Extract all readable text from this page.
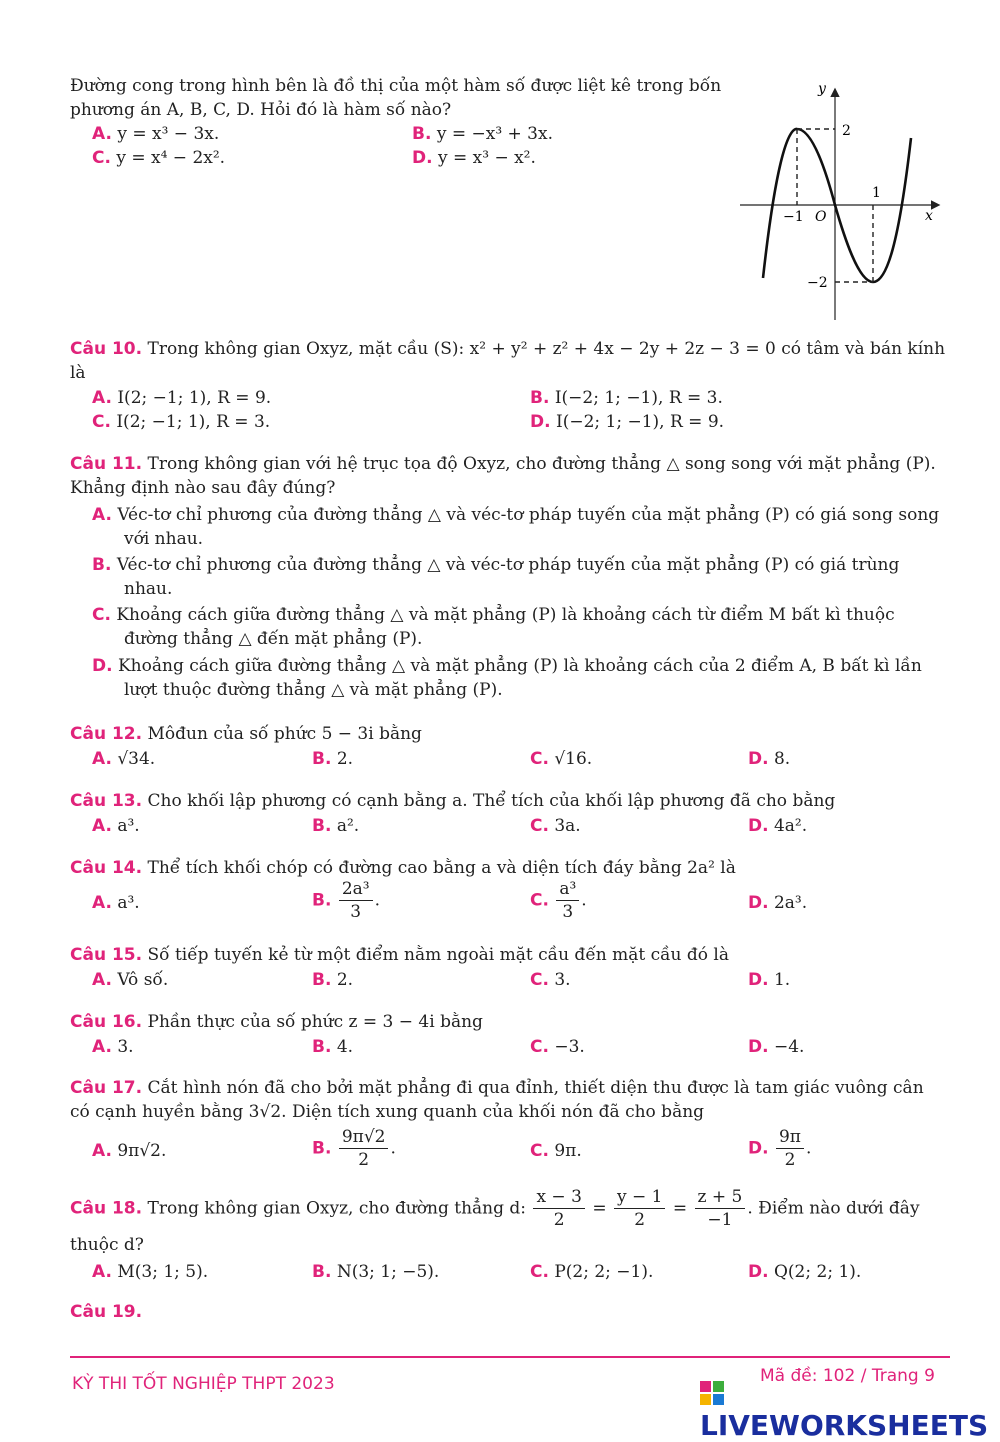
Đường cong trong hình bên là đồ thị của một hàm số được liệt kê trong bốn
phương án A, B, C, D. Hỏi đó là hàm số nào?
A. y = x³ − 3x.	B. y = −x³ + 3x.
C. y = x⁴ − 2x².	D. y = x³ − x².
y
x
O
−1
1
2
−2
Câu 10. Trong không gian Oxyz, mặt cầu (S): x² + y² + z² + 4x − 2y + 2z − 3 = 0 có tâm và bán kính
là
A. I(2; −1; 1), R = 9.	B. I(−2; 1; −1), R = 3.
C. I(2; −1; 1), R = 3.	D. I(−2; 1; −1), R = 9.
Câu 11. Trong không gian với hệ trục tọa độ Oxyz, cho đường thẳng △ song song với mặt phẳng (P).
Khẳng định nào sau đây đúng?
A. Véc-tơ chỉ phương của đường thẳng △ và véc-tơ pháp tuyến của mặt phẳng (P) có giá song song
với nhau.
B. Véc-tơ chỉ phương của đường thẳng △ và véc-tơ pháp tuyến của mặt phẳng (P) có giá trùng
nhau.
C. Khoảng cách giữa đường thẳng △ và mặt phẳng (P) là khoảng cách từ điểm M bất kì thuộc
đường thẳng △ đến mặt phẳng (P).
D. Khoảng cách giữa đường thẳng △ và mặt phẳng (P) là khoảng cách của 2 điểm A, B bất kì lần
lượt thuộc đường thẳng △ và mặt phẳng (P).
Câu 12. Môđun của số phức 5 − 3i bằng
A. √34.	B. 2.	C. √16.	D. 8.
Câu 13. Cho khối lập phương có cạnh bằng a. Thể tích của khối lập phương đã cho bằng
A. a³.	B. a².	C. 3a.	D. 4a².
Câu 14. Thể tích khối chóp có đường cao bằng a và diện tích đáy bằng 2a² là
A. a³.	B. $\frac{\text{2a³}}{3}$ .	C. $\frac{\text{a³}}{3}$ .	D. 2a³.
Câu 15. Số tiếp tuyến kẻ từ một điểm nằm ngoài mặt cầu đến mặt cầu đó là
A. Vô số.	B. 2.	C. 3.	D. 1.
Câu 16. Phần thực của số phức z = 3 − 4i bằng
A. 3.	B. 4.	C. −3.	D. −4.
Câu 17. Cắt hình nón đã cho bởi mặt phẳng đi qua đỉnh, thiết diện thu được là tam giác vuông cân
có cạnh huyền bằng 3√2. Diện tích xung quanh của khối nón đã cho bằng
A. 9π√2.	B. $\frac{9\pi√2}{2}$ .	C. 9π.	D. $\frac{9\pi}{2}$ .
Câu 18. Trong không gian Oxyz, cho đường thẳng d: $\frac{x - 3}{2} = \frac{y - 1}{2} = \frac{z + 5}{-1}$ . Điểm nào dưới đây
thuộc d?
A. M(3; 1; 5).	B. N(3; 1; −5).	C. P(2; 2; −1).	D. Q(2; 2; 1).
Câu 19.
KỲ THI TỐT NGHIỆP THPT 2023	Mã đề: 102 / Trang 9
LIVEWORKSHEETS
